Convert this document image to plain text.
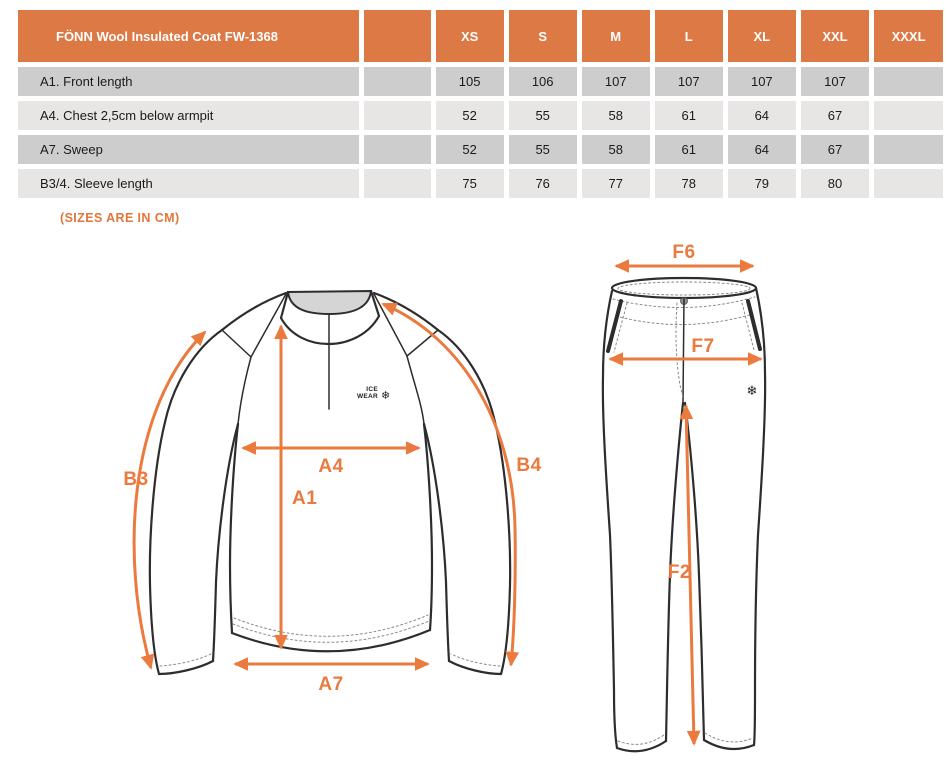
FÖNN Wool Insulated Coat FW-1368		XS	S	M	L	XL	XXL	XXXL
A1. Front length		105	106	107	107	107	107	
A4. Chest 2,5cm below armpit		52	55	58	61	64	67	
A7. Sweep		52	55	58	61	64	67	
B3/4. Sleeve length		75	76	77	78	79	80	
(SIZES ARE IN CM)
ICE
WEAR ❄
A4
A1
A7
B3
B4
❄
F6
F7
F2
